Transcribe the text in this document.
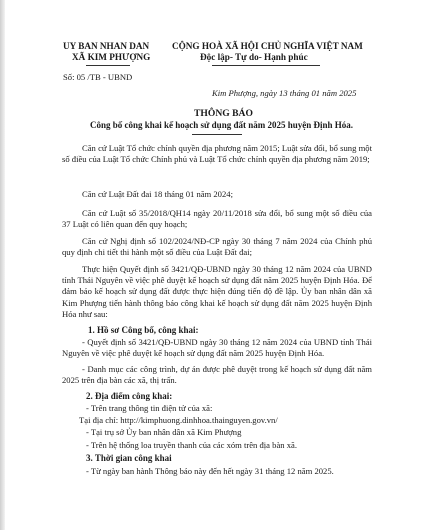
UY BAN NHAN DAN
XÃ KIM PHƯỢNG
CỘNG HOÀ XÃ HỘI CHỦ NGHĨA VIỆT NAM
Độc lập- Tự do- Hạnh phúc
Số: 05 /TB - UBND
Kim Phượng, ngày 13 tháng 01 năm 2025
THÔNG BÁO
Công bố công khai kế hoạch sử dụng đất năm 2025 huyện Định Hóa.
Căn cứ Luật Tổ chức chính quyền địa phương năm 2015; Luật sửa đổi, bổ sung một số điều của Luật Tổ chức Chính phủ và Luật Tổ chức chính quyền địa phương năm 2019;
Căn cứ Luật Đất đai 18 tháng 01 năm 2024;
Căn cứ Luật số 35/2018/QH14 ngày 20/11/2018 sửa đổi, bổ sung một số điều của 37 Luật có liên quan đến quy hoạch;
Căn cứ Nghị định số 102/2024/NĐ-CP ngày 30 tháng 7 năm 2024 của Chính phủ quy định chi tiết thi hành một số điều của Luật Đất đai;
Thực hiện Quyết định số 3421/QĐ-UBND ngày 30 tháng 12 năm 2024 của UBND tỉnh Thái Nguyên về việc phê duyệt kế hoạch sử dụng đất năm 2025 huyện Định Hóa. Để đảm bảo kế hoạch sử dụng đất được thực hiện đúng tiến độ đề lập. Ủy ban nhân dân xã Kim Phượng tiến hành thông báo công khai kế hoạch sử dụng đất năm 2025 huyện Định Hóa như sau:
1. Hồ sơ Công bố, công khai:
- Quyết định số 3421/QĐ-UBND ngày 30 tháng 12 năm 2024 của UBND tỉnh Thái Nguyên về việc phê duyệt kế hoạch sử dụng đất năm 2025 huyện Định Hóa.
- Danh mục các công trình, dự án được phê duyệt trong kế hoạch sử dụng đất năm 2025 trên địa bàn các xã, thị trấn.
2. Địa điểm công khai:
- Trên trang thông tin điện tử của xã:
Tại địa chỉ: http://kimphuong.dinhhoa.thainguyen.gov.vn/
- Tại trụ sở Ủy ban nhân dân xã Kim Phượng
- Trên hệ thống loa truyền thanh của các xóm trên địa bàn xã.
3. Thời gian công khai
- Từ ngày ban hành Thông báo này đến hết ngày 31 tháng 12 năm 2025.
